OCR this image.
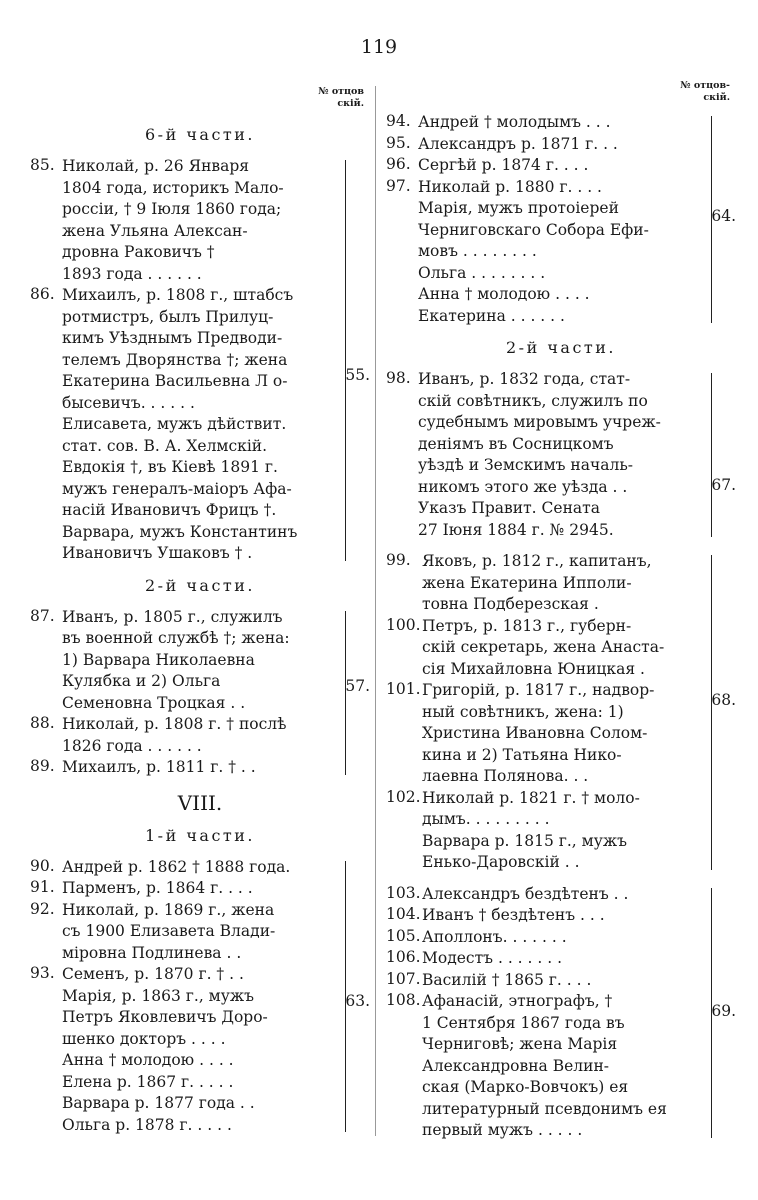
119
№ отцов
скій.
6-й части.
55.
85. Николай, р. 26 Января
1804 года, историкъ Мало-
россіи, † 9 Іюля 1860 года;
жена Ульяна Алексан-
дровна Раковичъ †
1893 года . . . . . .
86. Михаилъ, р. 1808 г., штабсъ
ротмистръ, былъ Прилуц-
кимъ Уѣзднымъ Предводи-
телемъ Дворянства †; жена
Екатерина Васильевна Л о-
бысевичъ. . . . . .
Елисавета, мужъ дѣйствит.
стат. сов. В. А. Хелмскій.
Евдокія †, въ Кіевѣ 1891 г.
мужъ генералъ-маіоръ Афа-
насій Ивановичъ Фрицъ †.
Варвара, мужъ Константинъ
Ивановичъ Ушаковъ † .
2-й части.
57.
87. Иванъ, р. 1805 г., служилъ
въ военной службѣ †; жена:
1) Варвара Николаевна
Кулябка и 2) Ольга
Семеновна Троцкая . .
88. Николай, р. 1808 г. † послѣ
1826 года . . . . . .
89. Михаилъ, р. 1811 г. † . .
VIII.
1-й части.
63.
90. Андрей р. 1862 † 1888 года.
91. Парменъ, р. 1864 г. . . .
92. Николай, р. 1869 г., жена
съ 1900 Елизавета Влади-
міровна Подлинева . .
93. Семенъ, р. 1870 г. † . .
Марія, р. 1863 г., мужъ
Петръ Яковлевичъ Доро-
шенко докторъ . . . .
Анна † молодою . . . .
Елена р. 1867 г. . . . .
Варвара р. 1877 года . .
Ольга р. 1878 г. . . . .
№ отцов-
скій.
64.
94. Андрей † молодымъ . . .
95. Александръ р. 1871 г. . .
96. Сергѣй р. 1874 г. . . .
97. Николай р. 1880 г. . . .
Марія, мужъ протоіерей
Черниговскаго Собора Ефи-
мовъ . . . . . . . .
Ольга . . . . . . . .
Анна † молодою . . . .
Екатерина . . . . . .
2-й части.
67.
98. Иванъ, р. 1832 года, стат-
скій совѣтникъ, служилъ по
судебнымъ мировымъ учреж-
деніямъ въ Сосницкомъ
уѣздѣ и Земскимъ началь-
никомъ этого же уѣзда . .
Указъ Правит. Сената
27 Іюня 1884 г. № 2945.
68.
99. Яковъ, р. 1812 г., капитанъ,
жена Екатерина Ипполи-
товна Подберезская .
100. Петръ, р. 1813 г., губерн-
скій секретарь, жена Анаста-
сія Михайловна Юницкая .
101. Григорій, р. 1817 г., надвор-
ный совѣтникъ, жена: 1)
Христина Ивановна Солом-
кина и 2) Татьяна Нико-
лаевна Полянова. . .
102. Николай р. 1821 г. † моло-
дымъ. . . . . . . . .
Варвара р. 1815 г., мужъ
Енько-Даровскій . .
69.
103. Александръ бездѣтенъ . .
104. Иванъ † бездѣтенъ . . .
105. Аполлонъ. . . . . . .
106. Модестъ . . . . . . .
107. Василій † 1865 г. . . .
108. Афанасій, этнографъ, †
1 Сентября 1867 года въ
Черниговѣ; жена Марія
Александровна Велин-
ская (Марко-Вовчокъ) ея
литературный псевдонимъ ея
первый мужъ . . . . .
